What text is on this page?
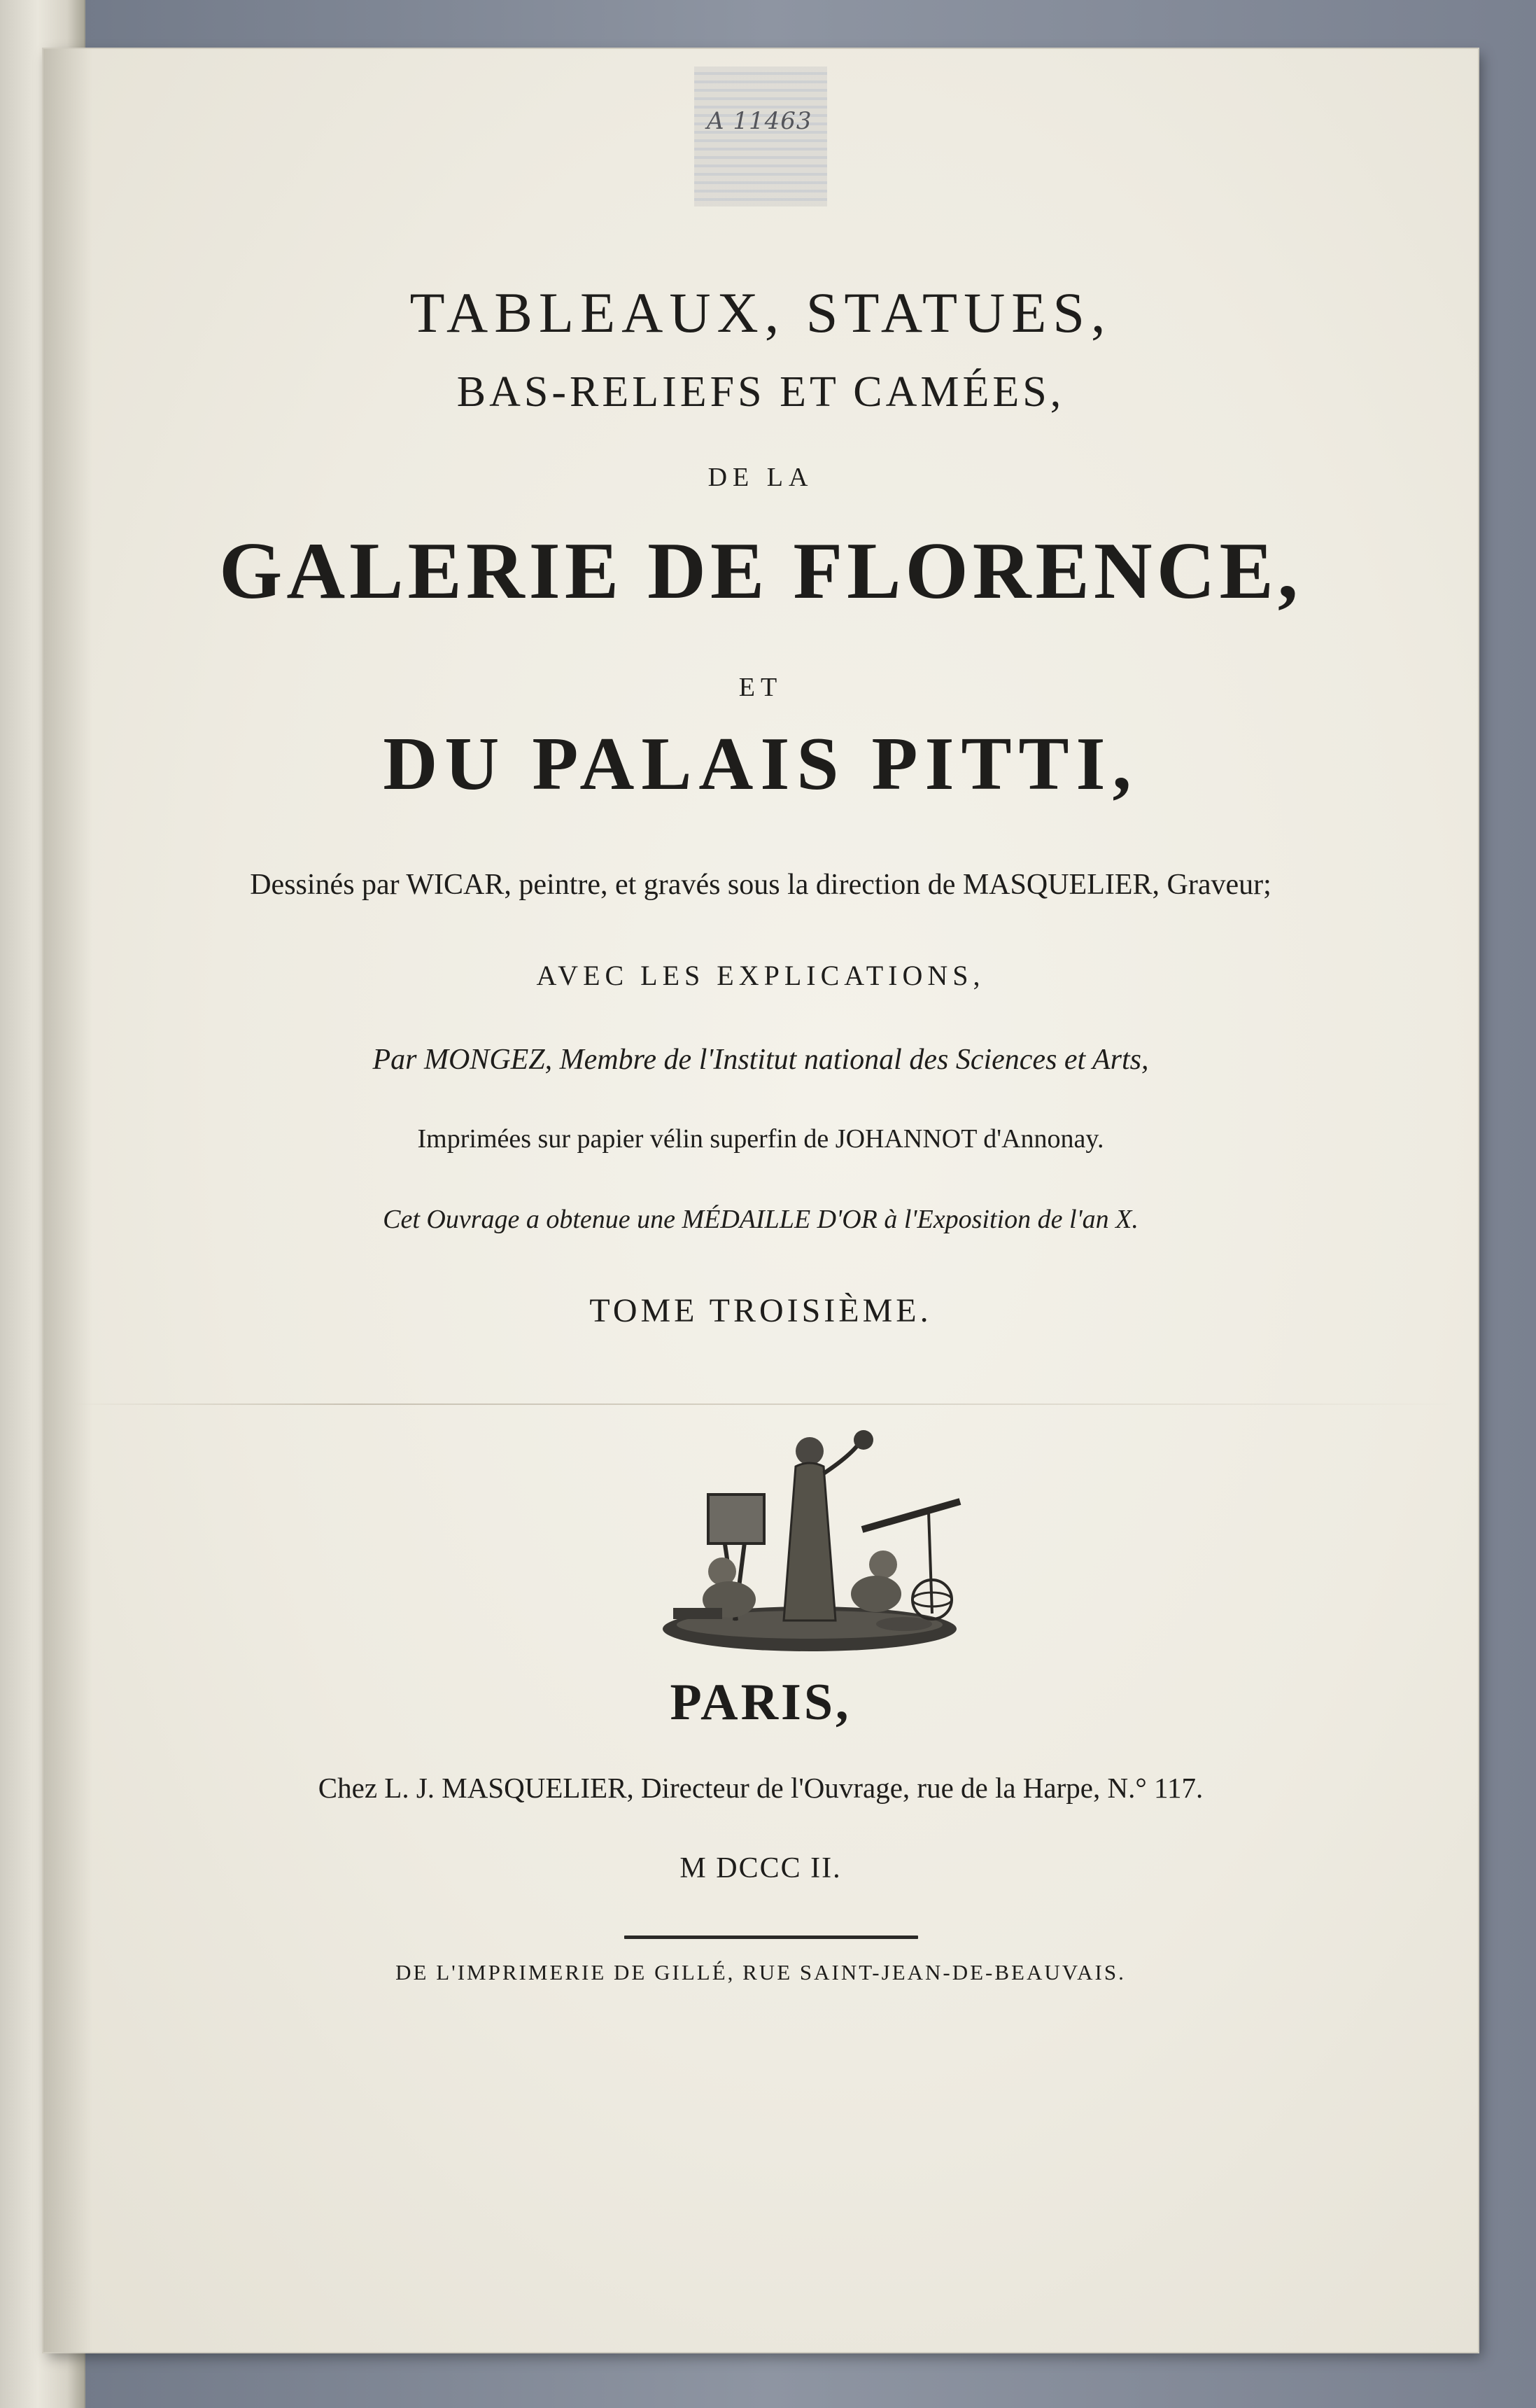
A 11463
TABLEAUX, STATUES,
BAS-RELIEFS ET CAMÉES,
DE LA
GALERIE DE FLORENCE,
ET
DU PALAIS PITTI,
Dessinés par WICAR, peintre, et gravés sous la direction de MASQUELIER, Graveur;
AVEC LES EXPLICATIONS,
Par MONGEZ, Membre de l'Institut national des Sciences et Arts,
Imprimées sur papier vélin superfin de JOHANNOT d'Annonay.
Cet Ouvrage a obtenue une MÉDAILLE D'OR à l'Exposition de l'an X.
TOME TROISIÈME.
PARIS,
Chez L. J. MASQUELIER, Directeur de l'Ouvrage, rue de la Harpe, N.° 117.
M DCCC II.
DE L'IMPRIMERIE DE GILLÉ, RUE SAINT-JEAN-DE-BEAUVAIS.
